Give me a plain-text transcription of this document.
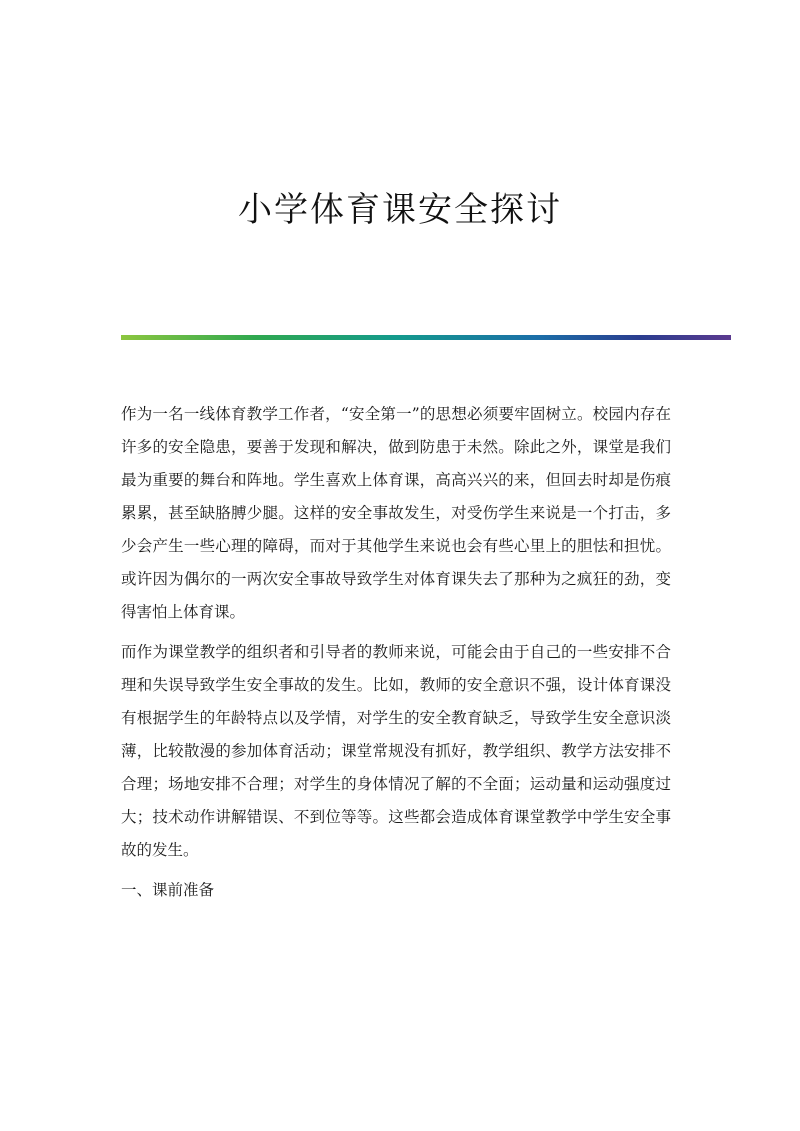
小学体育课安全探讨

作为一名一线体育教学工作者，“安全第一”的思想必须要牢固树立。校园内存在许多的安全隐患，要善于发现和解决，做到防患于未然。除此之外，课堂是我们最为重要的舞台和阵地。学生喜欢上体育课，高高兴兴的来，但回去时却是伤痕累累，甚至缺胳膊少腿。这样的安全事故发生，对受伤学生来说是一个打击，多少会产生一些心理的障碍，而对于其他学生来说也会有些心里上的胆怯和担忧。或许因为偶尔的一两次安全事故导致学生对体育课失去了那种为之疯狂的劲，变得害怕上体育课。

而作为课堂教学的组织者和引导者的教师来说，可能会由于自己的一些安排不合理和失误导致学生安全事故的发生。比如，教师的安全意识不强，设计体育课没有根据学生的年龄特点以及学情，对学生的安全教育缺乏，导致学生安全意识淡薄，比较散漫的参加体育活动；课堂常规没有抓好，教学组织、教学方法安排不合理；场地安排不合理；对学生的身体情况了解的不全面；运动量和运动强度过大；技术动作讲解错误、不到位等等。这些都会造成体育课堂教学中学生安全事故的发生。

一、课前准备
